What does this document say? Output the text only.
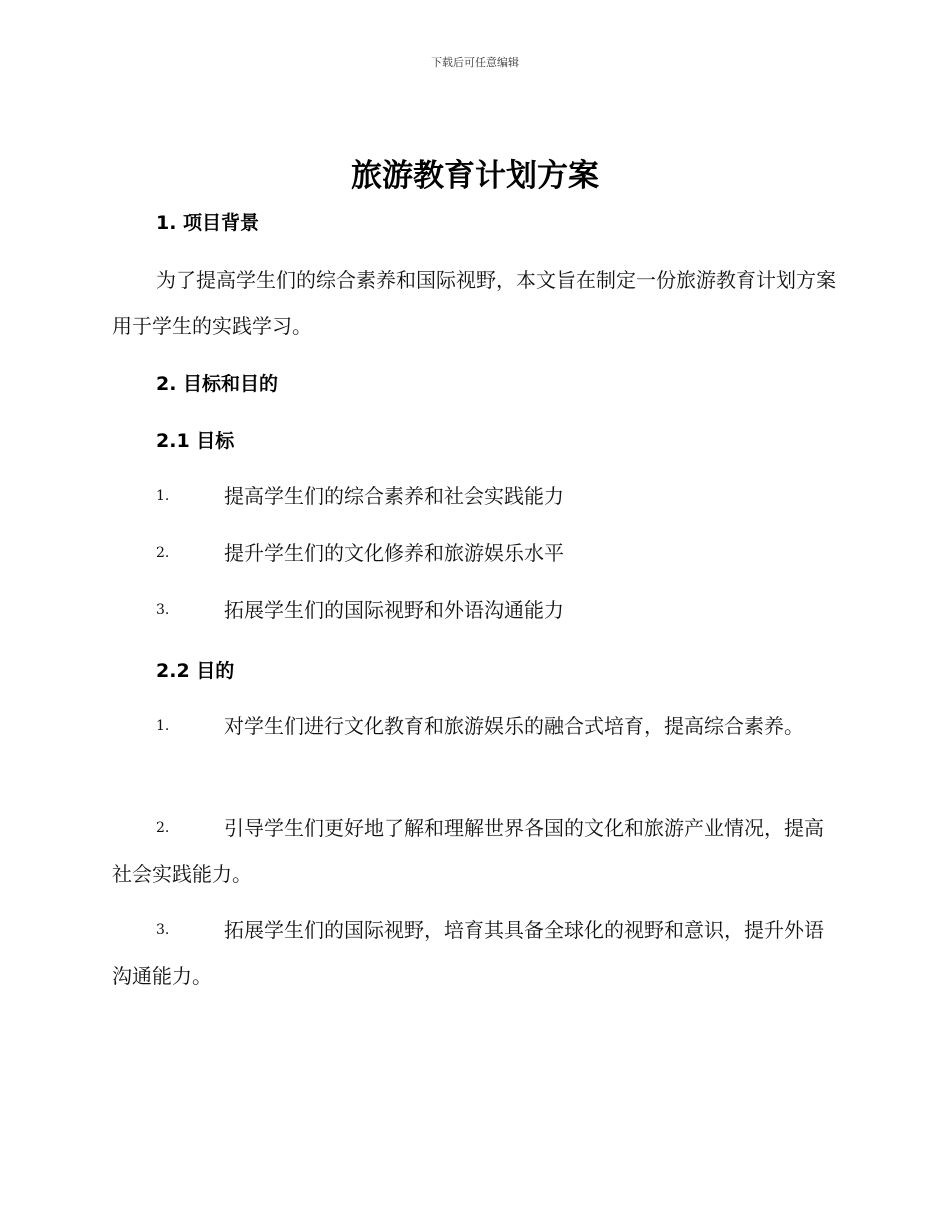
下载后可任意编辑
旅游教育计划方案
1. 项目背景
为了提高学生们的综合素养和国际视野，本文旨在制定一份旅游教育计划方案用于学生的实践学习。
2. 目标和目的
2.1 目标
1.	提高学生们的综合素养和社会实践能力
2.	提升学生们的文化修养和旅游娱乐水平
3.	拓展学生们的国际视野和外语沟通能力
2.2 目的
1.	对学生们进行文化教育和旅游娱乐的融合式培育，提高综合素养。
2.	引导学生们更好地了解和理解世界各国的文化和旅游产业情况，提高社会实践能力。
3.	拓展学生们的国际视野，培育其具备全球化的视野和意识，提升外语沟通能力。
